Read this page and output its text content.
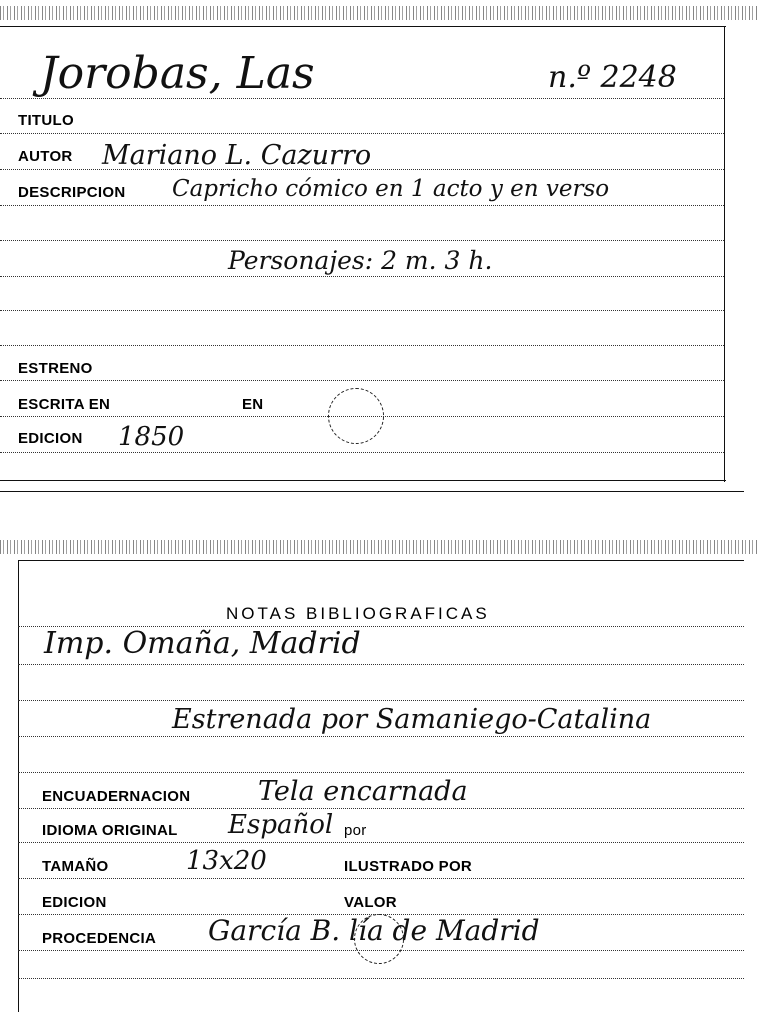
Jorobas, Las	n.º 2248
TITULO
AUTOR Mariano L. Cazurro
DESCRIPCION Capricho cómico en 1 acto y en verso
Personajes: 2 m. 3 h.
ESTRENO
ESCRITA EN	EN
EDICION 1850
NOTAS BIBLIOGRAFICAS
Imp. Omaña, Madrid
Estrenada por Samaniego-Catalina
ENCUADERNACION	Tela encarnada
IDIOMA ORIGINAL Español por
TAMAÑO	13x20	ILUSTRADO POR
EDICION	VALOR
PROCEDENCIA García B. lía de Madrid
